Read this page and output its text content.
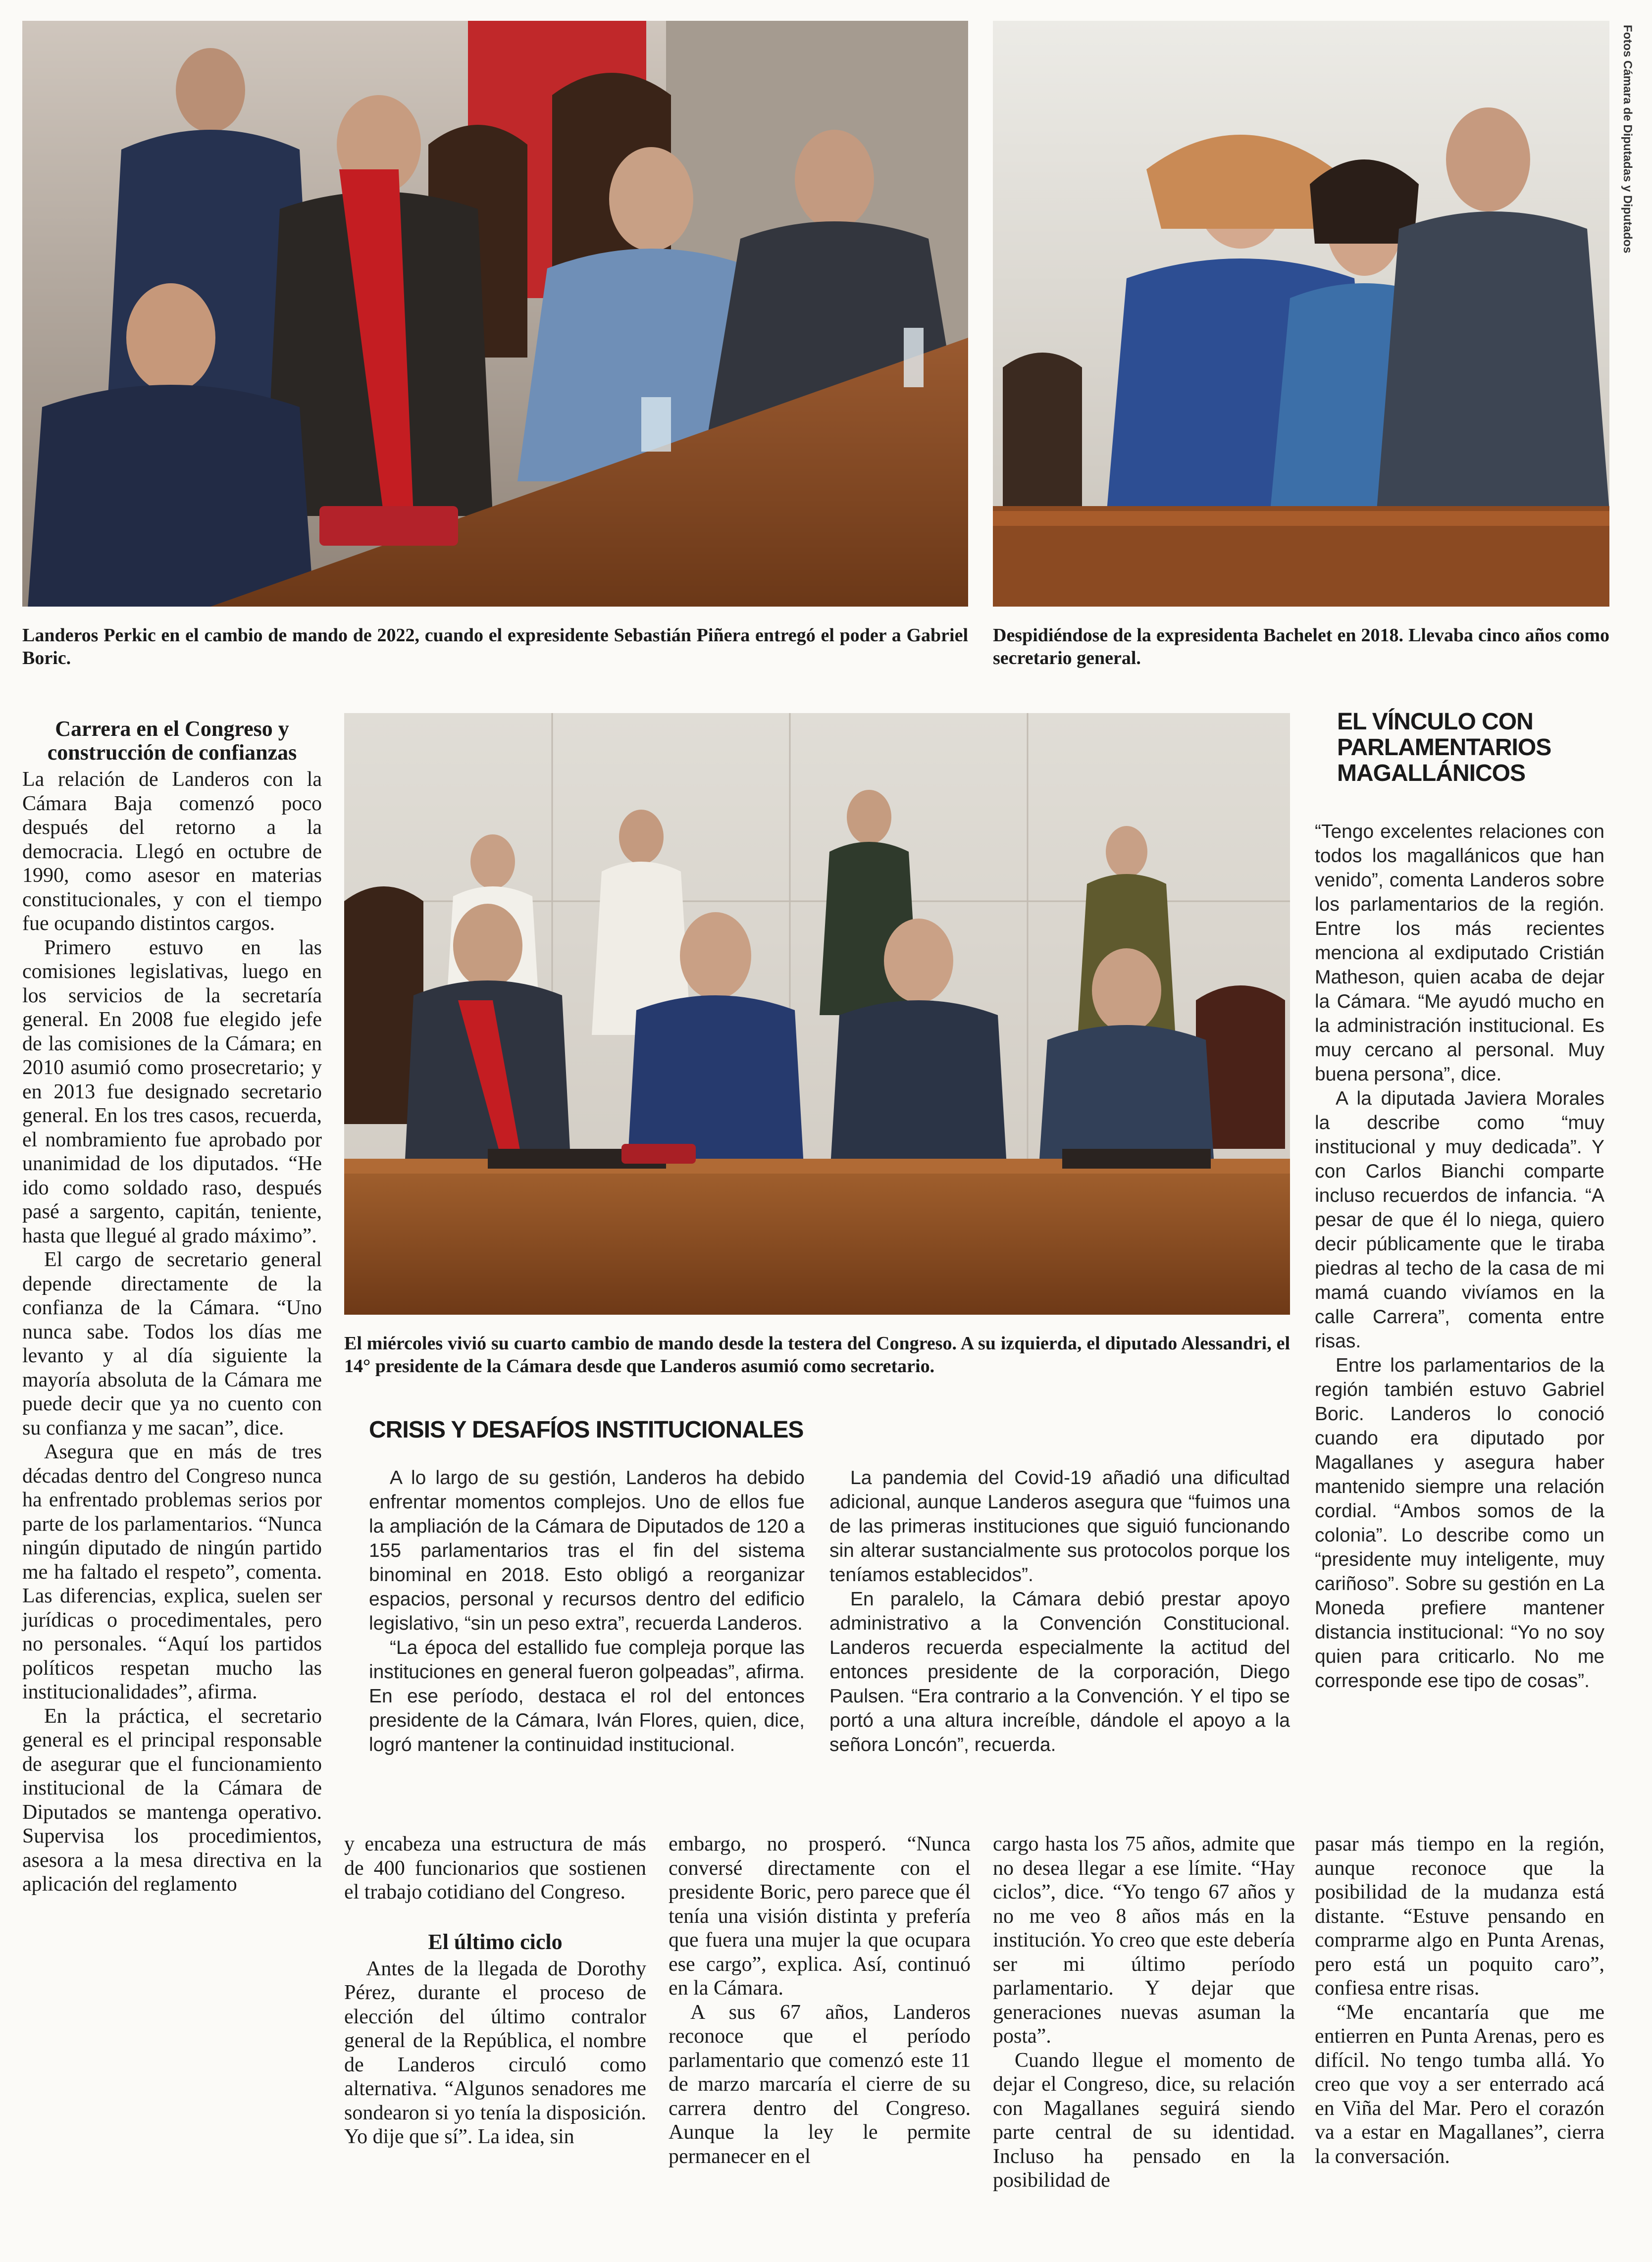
Landeros Perkic en el cambio de mando de 2022, cuando el expresidente Sebastián Piñera entregó el poder a Gabriel Boric.

Fotos Cámara de Diputadas y Diputados

Despidiéndose de la expresidenta Bachelet en 2018. Llevaba cinco años como secretario general.

Carrera en el Congreso y construcción de confianzas

La relación de Landeros con la Cámara Baja comenzó poco después del retorno a la democracia. Llegó en octubre de 1990, como asesor en materias constitucionales, y con el tiempo fue ocupando distintos cargos.

Primero estuvo en las comisiones legislativas, luego en los servicios de la secretaría general. En 2008 fue elegido jefe de las comisiones de la Cámara; en 2010 asumió como prosecretario; y en 2013 fue designado secretario general. En los tres casos, recuerda, el nombramiento fue aprobado por unanimidad de los diputados. “He ido como soldado raso, después pasé a sargento, capitán, teniente, hasta que llegué al grado máximo”.

El cargo de secretario general depende directamente de la confianza de la Cámara. “Uno nunca sabe. Todos los días me levanto y al día siguiente la mayoría absoluta de la Cámara me puede decir que ya no cuento con su confianza y me sacan”, dice.

Asegura que en más de tres décadas dentro del Congreso nunca ha enfrentado problemas serios por parte de los parlamentarios. “Nunca ningún diputado de ningún partido me ha faltado el respeto”, comenta. Las diferencias, explica, suelen ser jurídicas o procedimentales, pero no personales. “Aquí los partidos políticos respetan mucho las institucionalidades”, afirma.

En la práctica, el secretario general es el principal responsable de asegurar que el funcionamiento institucional de la Cámara de Diputados se mantenga operativo. Supervisa los procedimientos, asesora a la mesa directiva en la aplicación del reglamento

El miércoles vivió su cuarto cambio de mando desde la testera del Congreso. A su izquierda, el diputado Alessandri, el 14° presidente de la Cámara desde que Landeros asumió como secretario.

CRISIS Y DESAFÍOS INSTITUCIONALES

A lo largo de su gestión, Landeros ha debido enfrentar momentos complejos. Uno de ellos fue la ampliación de la Cámara de Diputados de 120 a 155 parlamentarios tras el fin del sistema binominal en 2018. Esto obligó a reorganizar espacios, personal y recursos dentro del edificio legislativo, “sin un peso extra”, recuerda Landeros.

“La época del estallido fue compleja porque las instituciones en general fueron golpeadas”, afirma. En ese período, destaca el rol del entonces presidente de la Cámara, Iván Flores, quien, dice, logró mantener la continuidad institucional.

La pandemia del Covid-19 añadió una dificultad adicional, aunque Landeros asegura que “fuimos una de las primeras instituciones que siguió funcionando sin alterar sustancialmente sus protocolos porque los teníamos establecidos”.

En paralelo, la Cámara debió prestar apoyo administrativo a la Convención Constitucional. Landeros recuerda especialmente la actitud del entonces presidente de la corporación, Diego Paulsen. “Era contrario a la Convención. Y el tipo se portó a una altura increíble, dándole el apoyo a la señora Loncón”, recuerda.

EL VÍNCULO CON PARLAMENTARIOS MAGALLÁNICOS

“Tengo excelentes relaciones con todos los magallánicos que han venido”, comenta Landeros sobre los parlamentarios de la región. Entre los más recientes menciona al exdiputado Cristián Matheson, quien acaba de dejar la Cámara. “Me ayudó mucho en la administración institucional. Es muy cercano al personal. Muy buena persona”, dice.

A la diputada Javiera Morales la describe como “muy institucional y muy dedicada”. Y con Carlos Bianchi comparte incluso recuerdos de infancia. “A pesar de que él lo niega, quiero decir públicamente que le tiraba piedras al techo de la casa de mi mamá cuando vivíamos en la calle Carrera”, comenta entre risas.

Entre los parlamentarios de la región también estuvo Gabriel Boric. Landeros lo conoció cuando era diputado por Magallanes y asegura haber mantenido siempre una relación cordial. “Ambos somos de la colonia”. Lo describe como un “presidente muy inteligente, muy cariñoso”. Sobre su gestión en La Moneda prefiere mantener distancia institucional: “Yo no soy quien para criticarlo. No me corresponde ese tipo de cosas”.

y encabeza una estructura de más de 400 funcionarios que sostienen el trabajo cotidiano del Congreso.

El último ciclo

Antes de la llegada de Dorothy Pérez, durante el proceso de elección del último contralor general de la República, el nombre de Landeros circuló como alternativa. “Algunos senadores me sondearon si yo tenía la disposición. Yo dije que sí”. La idea, sin

embargo, no prosperó. “Nunca conversé directamente con el presidente Boric, pero parece que él tenía una visión distinta y prefería que fuera una mujer la que ocupara ese cargo”, explica. Así, continuó en la Cámara.

A sus 67 años, Landeros reconoce que el período parlamentario que comenzó este 11 de marzo marcaría el cierre de su carrera dentro del Congreso. Aunque la ley le permite permanecer en el

cargo hasta los 75 años, admite que no desea llegar a ese límite. “Hay ciclos”, dice. “Yo tengo 67 años y no me veo 8 años más en la institución. Yo creo que este debería ser mi último período parlamentario. Y dejar que generaciones nuevas asuman la posta”.

Cuando llegue el momento de dejar el Congreso, dice, su relación con Magallanes seguirá siendo parte central de su identidad. Incluso ha pensado en la posibilidad de

pasar más tiempo en la región, aunque reconoce que la posibilidad de la mudanza está distante. “Estuve pensando en comprarme algo en Punta Arenas, pero está un poquito caro”, confiesa entre risas.

“Me encantaría que me entierren en Punta Arenas, pero es difícil. No tengo tumba allá. Yo creo que voy a ser enterrado acá en Viña del Mar. Pero el corazón va a estar en Magallanes”, cierra la conversación.
